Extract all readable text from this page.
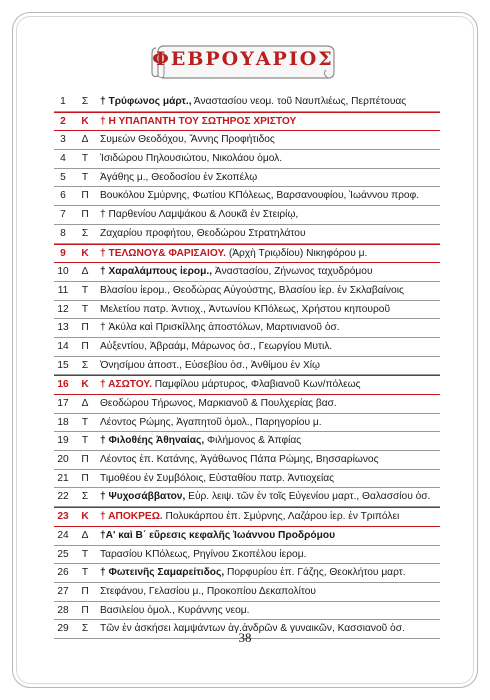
ΦΕΒΡΟΥΑΡΙΟΣ
1	Σ	† Τρύφωνος μάρτ., Άναστασίου νεομ. τοῦ Ναυπλιέως, Περπέτουας
2	Κ	† Η ΥΠΑΠΑΝΤΗ ΤΟΥ ΣΩΤΗΡΟΣ ΧΡΙΣΤΟΥ
3	Δ	Συμεὼν Θεοδόχου, Ἄννης Προφήτιδος
4	Τ	Ἰσιδώρου Πηλουσιώτου, Νικολάου ὁμολ.
5	Τ	Ἀγάθης μ., Θεοδοσίου ἐν Σκοπέλῳ
6	Π	Βουκόλου Σμύρνης, Φωτίου ΚΠόλεως, Βαρσανουφίου, Ἰωάννου προφ.
7	Π	† Παρθενίου Λαμψάκου & Λουκᾶ ἐν Στειρίῳ,
8	Σ	Ζαχαρίου προφήτου, Θεοδώρου Στρατηλάτου
9	Κ	† ΤΕΛΩΝΟΥ& ΦΑΡΙΣΑΙΟΥ. (Ἀρχὴ Τριῳδίου) Νικηφόρου μ.
10	Δ	† Χαραλάμπους ἱερομ., Ἀναστασίου, Ζήνωνος ταχυδρόμου
11	Τ	Βλασίου ἱερομ., Θεοδώρας Αὐγούστης, Βλασίου ἱερ. ἐν Σκλαβαίνοις
12	Τ	Μελετίου πατρ. Ἀντιοχ., Ἀντωνίου ΚΠόλεως, Χρήστου κηπουροῦ
13	Π	† Ἀκύλα καὶ Πρισκίλλης ἀποστόλων, Μαρτινιανοῦ ὁσ.
14	Π	Αὐξεντίου, Ἀβραάμ, Μάρωνος ὁσ., Γεωργίου Μυτιλ.
15	Σ	Ὀνησίμου ἀποστ., Εὐσεβίου ὁσ., Ἀνθίμου ἐν Χίῳ
16	Κ	† ΑΣΩΤΟΥ. Παμφίλου μάρτυρος, Φλαβιανοῦ Κων/πόλεως
17	Δ	Θεοδώρου Τήρωνος, Μαρκιανοῦ & Πουλχερίας βασ.
18	Τ	Λέοντος Ρώμης, Ἀγαπητοῦ ὁμολ., Παρηγορίου μ.
19	Τ	† Φιλοθέης Ἀθηναίας, Φιλήμονος & Ἀπφίας
20	Π	Λέοντος ἐπ. Κατάνης, Ἀγάθωνος Πάπα Ρώμης, Βησσαρίωνος
21	Π	Τιμοθέου ἐν Συμβόλοις, Εὐσταθίου πατρ. Ἀντιοχείας
22	Σ	† Ψυχοσάββατον, Εὑρ. λειψ. τῶν ἐν τοῖς Εὐγενίου μαρτ., Θαλασσίου ὁσ.
23	Κ	† ΑΠΟΚΡΕΩ. Πολυκάρπου ἐπ. Σμύρνης, Λαζάρου ἱερ. ἐν Τριπόλει
24	Δ	†Α' καὶ Β΄ εὕρεσις κεφαλῆς Ἰωάννου Προδρόμου
25	Τ	Ταρασίου ΚΠόλεως, Ρηγίνου Σκοπέλου ἱερομ.
26	Τ	† Φωτεινῆς Σαμαρείτιδος, Πορφυρίου ἐπ. Γάζης, Θεοκλήτου μαρτ.
27	Π	Στεφάνου, Γελασίου μ., Προκοπίου Δεκαπολίτου
28	Π	Βασιλείου ὁμολ., Κυράννης νεομ.
29	Σ	Τῶν ἐν ἀσκήσει λαμψάντων ἁγ.ἀνδρῶν & γυναικῶν, Κασσιανοῦ ὁσ.
38
